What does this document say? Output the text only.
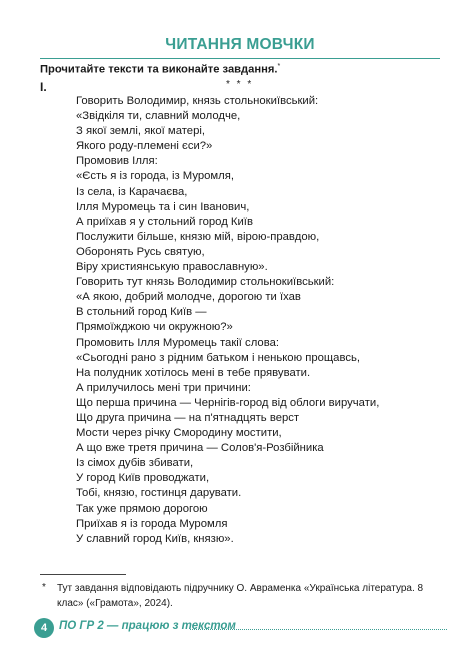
ЧИТАННЯ МОВЧКИ
Прочитайте тексти та виконайте завдання.*
І.	* * *
Говорить Володимир, князь стольнокиївський:
«Звідкіля ти, славний молодче,
З якої землі, якої матері,
Якого роду-племені єси?»
Промовив Ілля:
«Єсть я із города, із Муромля,
Із села, із Карачаєва,
Ілля Муромець та і син Іванович,
А приїхав я у стольний город Київ
Послужити більше, князю мій, вірою-правдою,
Оборонять Русь святую,
Віру християнськую православную».
Говорить тут князь Володимир стольнокиївський:
«А якою, добрий молодче, дорогою ти їхав
В стольний город Київ —
Прямоїжджою чи окружною?»
Промовить Ілля Муромець такії слова:
«Сьогодні рано з рідним батьком і ненькою прощавсь,
На полудник хотілось мені в тебе прявувати.
А прилучилось мені три причини:
Що перша причина — Чернігів-город від облоги виручати,
Що друга причина — на п'ятнадцять верст
Мости через річку Смородину мостити,
А що вже третя причина — Солов'я-Розбійника
Із сімох дубів збивати,
У город Київ проводжати,
Тобі, князю, гостинця дарувати.
Так уже прямою дорогою
Приїхав я із города Муромля
У славний город Київ, князю».
* Тут завдання відповідають підручнику О. Авраменка «Українська література. 8 клас» («Грамота», 2024).
4	ПО ГР 2 — працюю з текстом
